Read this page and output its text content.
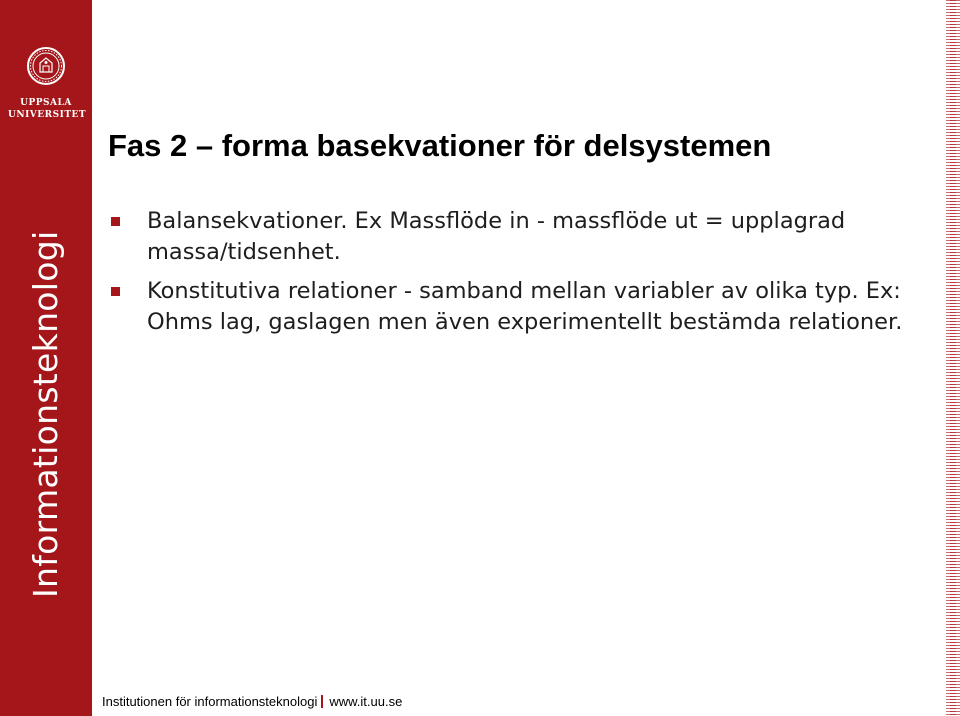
UPPSALA
UNIVERSITET
Informationsteknologi
Fas 2 – forma basekvationer för delsystemen
Balansekvationer. Ex Massflöde in - massflöde ut = upplagrad massa/tidsenhet.
Konstitutiva relationer - samband mellan variabler av olika typ. Ex: Ohms lag, gaslagen men även experimentellt bestämda relationer.
Institutionen för informationsteknologi www.it.uu.se
